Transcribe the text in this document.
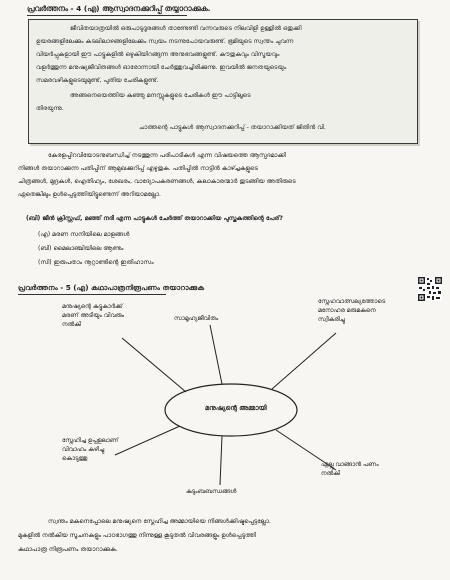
പ്രവർത്തനം - 4 (എ) ആസ്വാദനക്കുറിപ്പ് തയ്യാറാക്കുക.
ജീവിതയാത്രയിൽ ഒരുപാടുദൂരങ്ങൾ താണ്ടേണ്ടി വന്നവരുടെ നിലവിളി ഉള്ളിൽ ഒതുക്കി
ഉയരങ്ങളിലേക്കും കടലിലാഴങ്ങളിലേക്കും സ്വയം നടന്നുപോയവരുണ്ട്. ഭൂമിയുടെ സ്വന്തം ചുവന്ന
വിയർപ്പുകളായി ഈ പാട്ടുകളിൽ ഒഴുകിയിറങ്ങുന്ന അനുഭവങ്ങളുണ്ട്. കൗതുകവും വിസ്മയവും
വളർത്തുന്ന മനുഷ്യജീവിതങ്ങൾ ഓരോന്നായി ചേർത്തുവച്ചിരിക്കുന്നു. ഇവയിൽ ജനതയുടെയും
സമരവഴികളുടെയുമുണ്ട്, പുതിയ ചേരികളുണ്ട്.
അങ്ങനെയെത്തിയ കുഞ്ഞു മനസ്സുകളുടെ ചേരികൾ ഈ പാട്ടിലൂടെ
തിരയുന്നു.
ചാത്തന്റെ പാട്ടുകൾ ആസ്വാദനക്കുറിപ്പ് - തയാറാക്കിയത് ജിതിൻ വി.
കേരളപ്പിറവിയോടനുബന്ധിച്ച് നടത്തുന്ന പരിപാടികൾ എന്ന വിഷയത്തെ ആസ്പദമാക്കി
നിങ്ങൾ തയാറാക്കുന്ന പതിപ്പിന് ആമുഖക്കുറിപ്പ് എഴുതുക. പതിപ്പിൽ നാട്ടിൻ കാഴ്ച്ചകളുടെ
ചിത്രങ്ങൾ, മുദ്രകൾ, ഐതിഹ്യം, ശേഖരം, വാദ്യോപകരണങ്ങൾ, കലാകാരന്മാർ തുടങ്ങിയ അതിരുടെ
ഏതെങ്കിലും ഉൾപ്പെടുത്തിയിട്ടുണ്ടെന്ന് അറിയാമല്ലോ.
(ബി) ജീൻ ക്രിസ്റ്റഫ്, മഞ്ഞ് നദി എന്ന പാട്ടുകൾ ചേർത്ത് തയാറാക്കിയ പുസ്തകത്തിന്റെ പേര്?
(എ) മരണ സനിയിലെ മാളങ്ങൾ
(ബി) മൈലാഞ്ചിയിലെ ആണ്ടം
(സി) ഇരുപതാം നൂറ്റാണ്ടിന്റെ ഇതിഹാസം
പ്രവർത്തനം - 5 (എ) കഥാപാത്രനിരൂപണം തയാറാക്കുക
മനുഷ്യന്റെ അമ്മായി
മനുഷ്യന്റെ കുട്ടുകാർക്ക് മരണ് അടിയും വിവരും നൽകി
സാമൂഹ്യജീവിതം
സ്നേഹവാത്സല്യത്തോടെ മനോഹര മരുമകനെ സ്വീകരിച്ചു
സ്നേഹിച്ച ഉപ്പളലാണ് വിവാഹം കഴിച്ചു കൊടുത്തു
കുടുംബബന്ധങ്ങൾ
ഏല്ലു വാങ്ങാൻ പണം നൽകി
സ്വന്തം മകനെപ്പോലെ മനുഷ്യനെ സ്നേഹിച്ച അമ്മായിയെ നിങ്ങൾക്കിഷ്ടപ്പെട്ടല്ലോ.
മുകളിൽ നൽകിയ സൂചനകളും പാഠഭാഗത്തു നിന്നുള്ള കൂടുതൽ വിവരങ്ങളും ഉൾപ്പെടുത്തി
കഥാപാത്ര നിരൂപണം തയാറാക്കുക.
